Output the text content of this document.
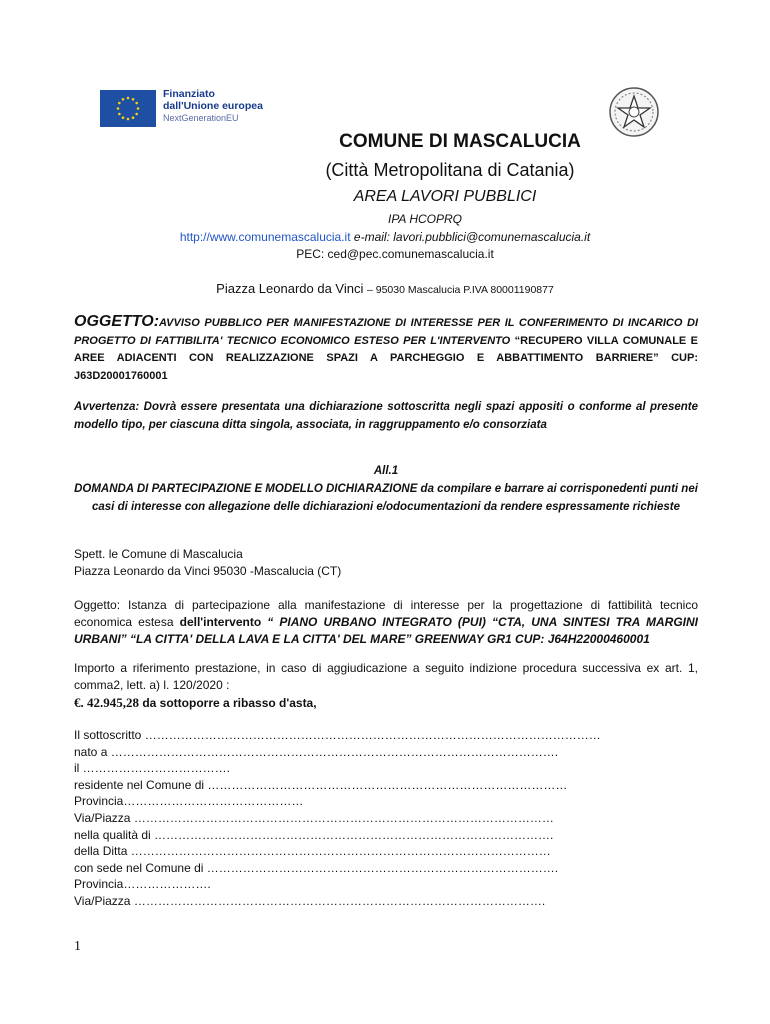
Finanziato
dall'Unione europea
NextGenerationEU
COMUNE DI MASCALUCIA
(Città Metropolitana di Catania)
AREA LAVORI PUBBLICI
IPA HCOPRQ
http://www.comunemascalucia.it e-mail: lavori.pubblici@comunemascalucia.it
PEC: ced@pec.comunemascalucia.it
Piazza Leonardo da Vinci – 95030 Mascalucia P.IVA 80001190877
OGGETTO:AVVISO PUBBLICO PER MANIFESTAZIONE DI INTERESSE PER IL CONFERIMENTO DI INCARICO DI PROGETTO DI FATTIBILITA' TECNICO ECONOMICO ESTESO PER L'INTERVENTO “RECUPERO VILLA COMUNALE E AREE ADIACENTI CON REALIZZAZIONE SPAZI A PARCHEGGIO E ABBATTIMENTO BARRIERE” CUP: J63D20001760001
Avvertenza: Dovrà essere presentata una dichiarazione sottoscritta negli spazi appositi o conforme al presente modello tipo, per ciascuna ditta singola, associata, in raggruppamento e/o consorziata
All.1
DOMANDA DI PARTECIPAZIONE E MODELLO DICHIARAZIONE da compilare e barrare ai corrisponedenti punti nei casi di interesse con allegazione delle dichiarazioni e/odocumentazioni da rendere espressamente richieste
Spett. le Comune di Mascalucia
Piazza Leonardo da Vinci 95030 -Mascalucia (CT)
Oggetto: Istanza di partecipazione alla manifestazione di interesse per la progettazione di fattibilità tecnico economica estesa dell'intervento “ PIANO URBANO INTEGRATO (PUI) “CTA, UNA SINTESI TRA MARGINI URBANI” “LA CITTA' DELLA LAVA E LA CITTA' DEL MARE” GREENWAY GR1 CUP: J64H22000460001
Importo a riferimento prestazione, in caso di aggiudicazione a seguito indizione procedura successiva ex art. 1, comma2, lett. a) l. 120/2020 :
€. 42.945,28 da sottoporre a ribasso d'asta,
Il sottoscritto ……………………………………………………………………………………………………
nato a ………………………………………………………………………………………………….
il ……………………………….
residente nel Comune di ………………………………………………………………………………
Provincia………………………………………
Via/Piazza ……………………………………………………………………………………………
nella qualità di ……………………………………………………………………………………….
della Ditta ……………………………………………………………………………………………
con sede nel Comune di …………………………………………………………………………….
Provincia………………….
Via/Piazza ………………………………………………………………………………………….
1
